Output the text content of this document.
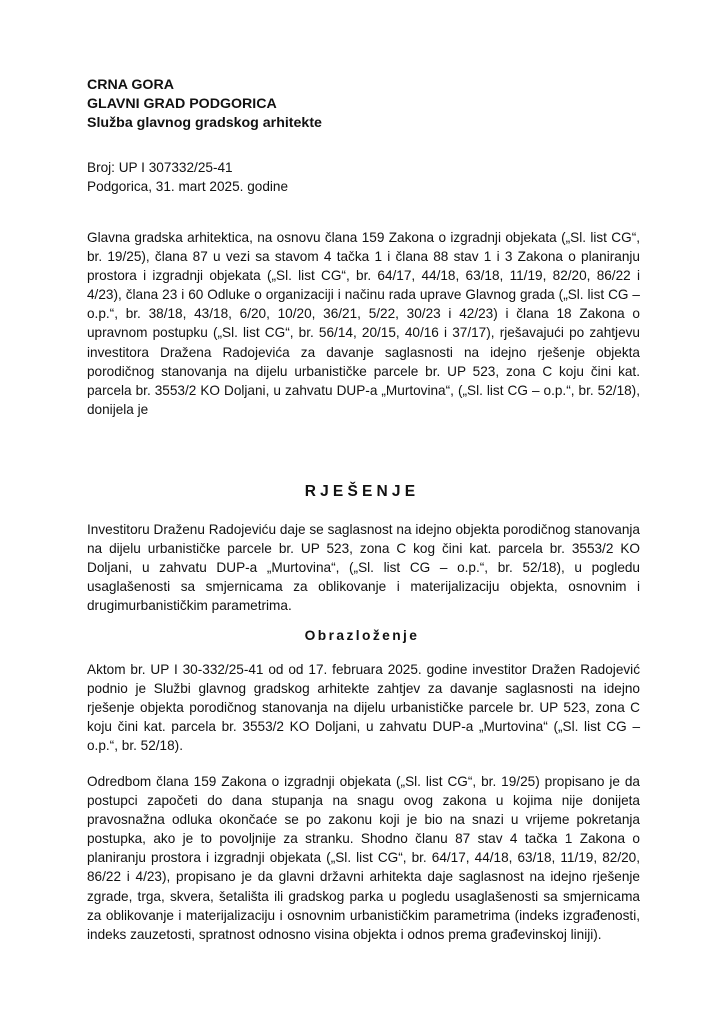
CRNA GORA
GLAVNI GRAD PODGORICA
Služba glavnog gradskog arhitekte
Broj: UP I 307332/25-41
Podgorica, 31. mart 2025. godine

Glavna gradska arhitektica, na osnovu člana 159 Zakona o izgradnji objekata („Sl. list CG“, br. 19/25), člana 87 u vezi sa stavom 4 tačka 1 i člana 88 stav 1 i 3 Zakona o planiranju prostora i izgradnji objekata („Sl. list CG“, br. 64/17, 44/18, 63/18, 11/19, 82/20, 86/22 i 4/23), člana 23 i 60 Odluke o organizaciji i načinu rada uprave Glavnog grada („Sl. list CG – o.p.“, br. 38/18, 43/18, 6/20, 10/20, 36/21, 5/22, 30/23 i 42/23) i člana 18 Zakona o upravnom postupku („Sl. list CG“, br. 56/14, 20/15, 40/16 i 37/17), rješavajući po zahtjevu investitora Dražena Radojevića za davanje saglasnosti na idejno rješenje objekta porodičnog stanovanja na dijelu urbanističke parcele br. UP 523, zona C koju čini kat. parcela br. 3553/2 KO Doljani, u zahvatu DUP-a „Murtovina“, („Sl. list CG – o.p.“, br. 52/18), donijela je

RJEŠENJE

Investitoru Draženu Radojeviću daje se saglasnost na idejno objekta porodičnog stanovanja na dijelu urbanističke parcele br. UP 523, zona C kog čini kat. parcela br. 3553/2 KO Doljani, u zahvatu DUP-a „Murtovina“, („Sl. list CG – o.p.“, br. 52/18), u pogledu usaglašenosti sa smjernicama za oblikovanje i materijalizaciju objekta, osnovnim i drugimurbanističkim parametrima.

Obrazloženje

Aktom br. UP I 30-332/25-41 od od 17. februara 2025. godine investitor Dražen Radojević podnio je Službi glavnog gradskog arhitekte zahtjev za davanje saglasnosti na idejno rješenje objekta porodičnog stanovanja na dijelu urbanističke parcele br. UP 523, zona C koju čini kat. parcela br. 3553/2 KO Doljani, u zahvatu DUP-a „Murtovina“ („Sl. list CG – o.p.“, br. 52/18).

Odredbom člana 159 Zakona o izgradnji objekata („Sl. list CG“, br. 19/25) propisano je da postupci započeti do dana stupanja na snagu ovog zakona u kojima nije donijeta pravosnažna odluka okončaće se po zakonu koji je bio na snazi u vrijeme pokretanja postupka, ako je to povoljnije za stranku. Shodno članu 87 stav 4 tačka 1 Zakona o planiranju prostora i izgradnji objekata („Sl. list CG“, br. 64/17, 44/18, 63/18, 11/19, 82/20, 86/22 i 4/23), propisano je da glavni državni arhitekta daje saglasnost na idejno rješenje zgrade, trga, skvera, šetališta ili gradskog parka u pogledu usaglašenosti sa smjernicama za oblikovanje i materijalizaciju i osnovnim urbanističkim parametrima (indeks izgrađenosti, indeks zauzetosti, spratnost odnosno visina objekta i odnos prema građevinskoj liniji).
